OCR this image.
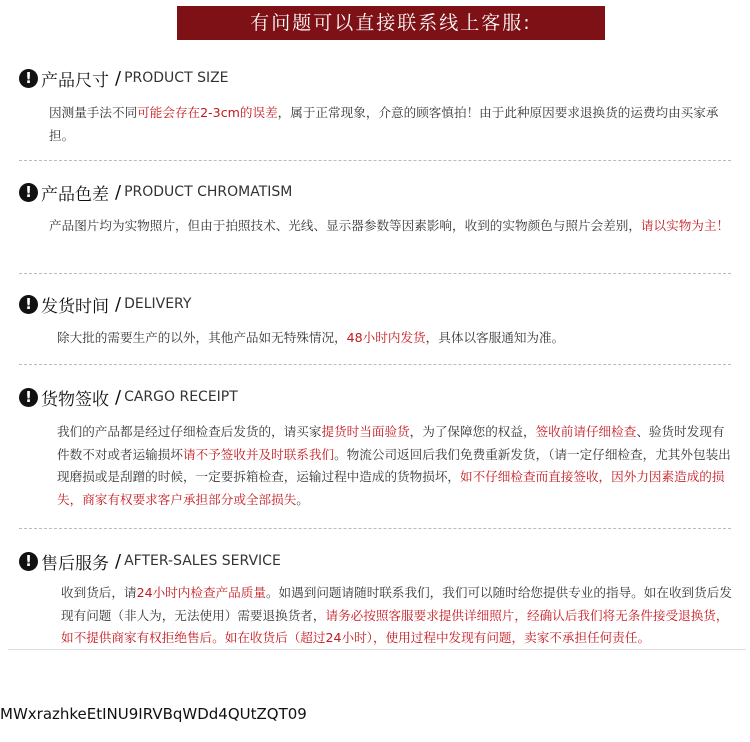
有问题可以直接联系线上客服:
! 产品尺寸 / PRODUCT SIZE
因测量手法不同可能会存在2-3cm的误差，属于正常现象，介意的顾客慎拍！由于此种原因要求退换货的运费均由买家承担。
! 产品色差 / PRODUCT CHROMATISM
产品图片均为实物照片，但由于拍照技术、光线、显示器参数等因素影响，收到的实物颜色与照片会差别，请以实物为主！
! 发货时间 / DELIVERY
除大批的需要生产的以外，其他产品如无特殊情况，48小时内发货，具体以客服通知为准。
! 货物签收 / CARGO RECEIPT
我们的产品都是经过仔细检查后发货的，请买家提货时当面验货，为了保障您的权益，签收前请仔细检查、验货时发现有件数不对或者运输损坏请不予签收并及时联系我们。物流公司返回后我们免费重新发货，（请一定仔细检查，尤其外包装出现磨损或是刮蹭的时候，一定要拆箱检查，运输过程中造成的货物损坏，如不仔细检查而直接签收，因外力因素造成的损失，商家有权要求客户承担部分或全部损失。
! 售后服务 / AFTER-SALES SERVICE
收到货后，请24小时内检查产品质量。如遇到问题请随时联系我们，我们可以随时给您提供专业的指导。如在收到货后发现有问题（非人为，无法使用）需要退换货者，请务必按照客服要求提供详细照片，经确认后我们将无条件接受退换货，如不提供商家有权拒绝售后。如在收货后（超过24小时），使用过程中发现有问题，卖家不承担任何责任。
MWxrazhkeEtINU9IRVBqWDd4QUtZQT09
